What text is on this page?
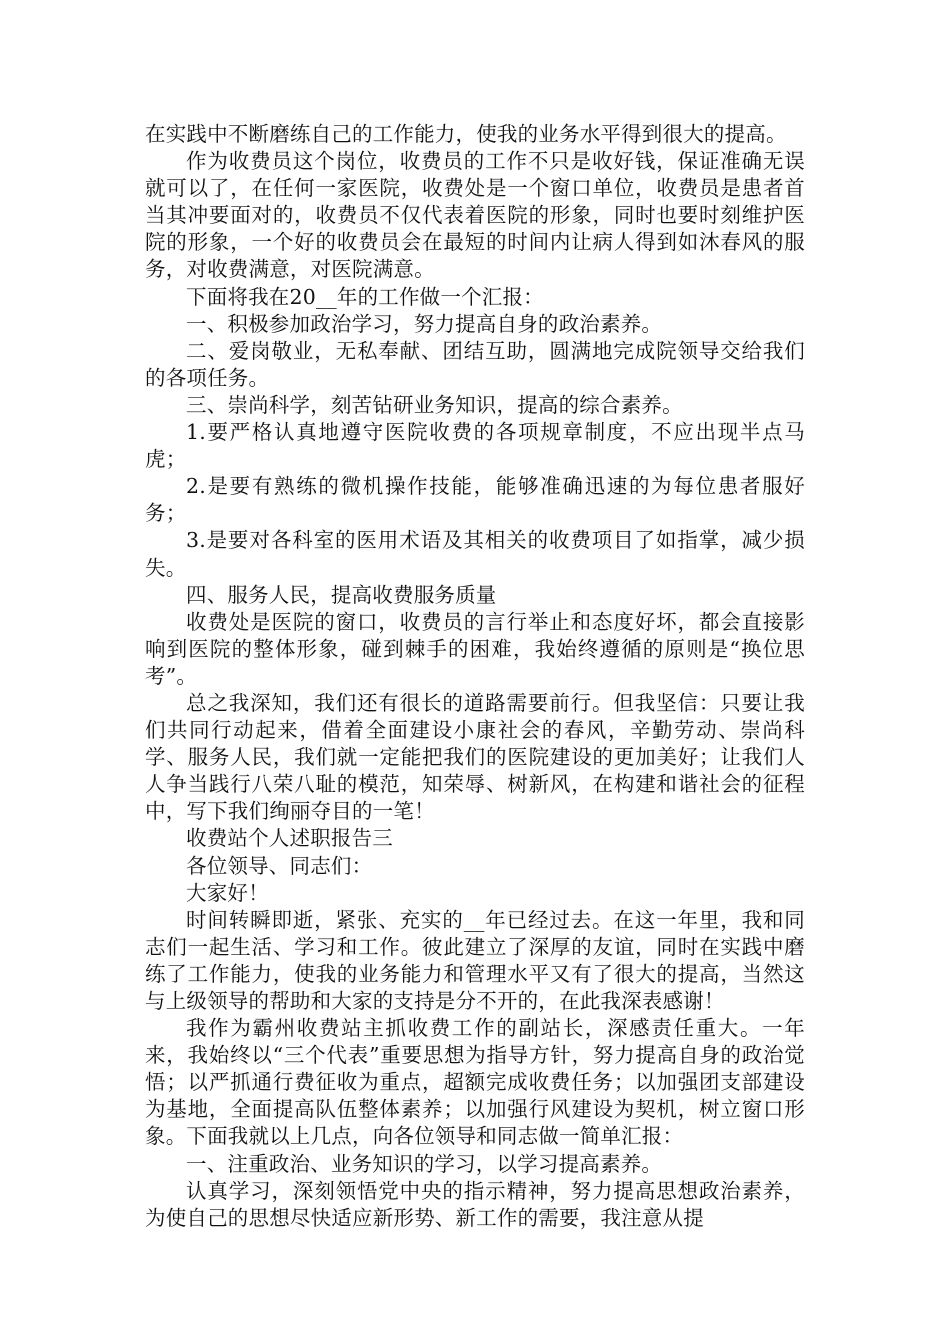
在实践中不断磨练自己的工作能力，使我的业务水平得到很大的提高。

作为收费员这个岗位，收费员的工作不只是收好钱，保证准确无误就可以了，在任何一家医院，收费处是一个窗口单位，收费员是患者首当其冲要面对的，收费员不仅代表着医院的形象，同时也要时刻维护医院的形象，一个好的收费员会在最短的时间内让病人得到如沐春风的服务，对收费满意，对医院满意。

下面将我在20__年的工作做一个汇报：

一、积极参加政治学习，努力提高自身的政治素养。

二、爱岗敬业，无私奉献、团结互助，圆满地完成院领导交给我们的各项任务。

三、崇尚科学，刻苦钻研业务知识，提高的综合素养。

1.要严格认真地遵守医院收费的各项规章制度，不应出现半点马虎；

2.是要有熟练的微机操作技能，能够准确迅速的为每位患者服好务；

3.是要对各科室的医用术语及其相关的收费项目了如指掌，减少损失。

四、服务人民，提高收费服务质量

收费处是医院的窗口，收费员的言行举止和态度好坏，都会直接影响到医院的整体形象，碰到棘手的困难，我始终遵循的原则是“换位思考”。

总之我深知，我们还有很长的道路需要前行。但我坚信：只要让我们共同行动起来，借着全面建设小康社会的春风，辛勤劳动、崇尚科学、服务人民，我们就一定能把我们的医院建设的更加美好；让我们人人争当践行八荣八耻的模范，知荣辱、树新风，在构建和谐社会的征程中，写下我们绚丽夺目的一笔！

收费站个人述职报告三

各位领导、同志们：

大家好！

时间转瞬即逝，紧张、充实的__年已经过去。在这一年里，我和同志们一起生活、学习和工作。彼此建立了深厚的友谊，同时在实践中磨练了工作能力，使我的业务能力和管理水平又有了很大的提高，当然这与上级领导的帮助和大家的支持是分不开的，在此我深表感谢！

我作为霸州收费站主抓收费工作的副站长，深感责任重大。一年来，我始终以“三个代表”重要思想为指导方针，努力提高自身的政治觉悟；以严抓通行费征收为重点，超额完成收费任务；以加强团支部建设为基地，全面提高队伍整体素养；以加强行风建设为契机，树立窗口形象。下面我就以上几点，向各位领导和同志做一简单汇报：

一、注重政治、业务知识的学习，以学习提高素养。

认真学习，深刻领悟党中央的指示精神，努力提高思想政治素养，为使自己的思想尽快适应新形势、新工作的需要，我注意从提
